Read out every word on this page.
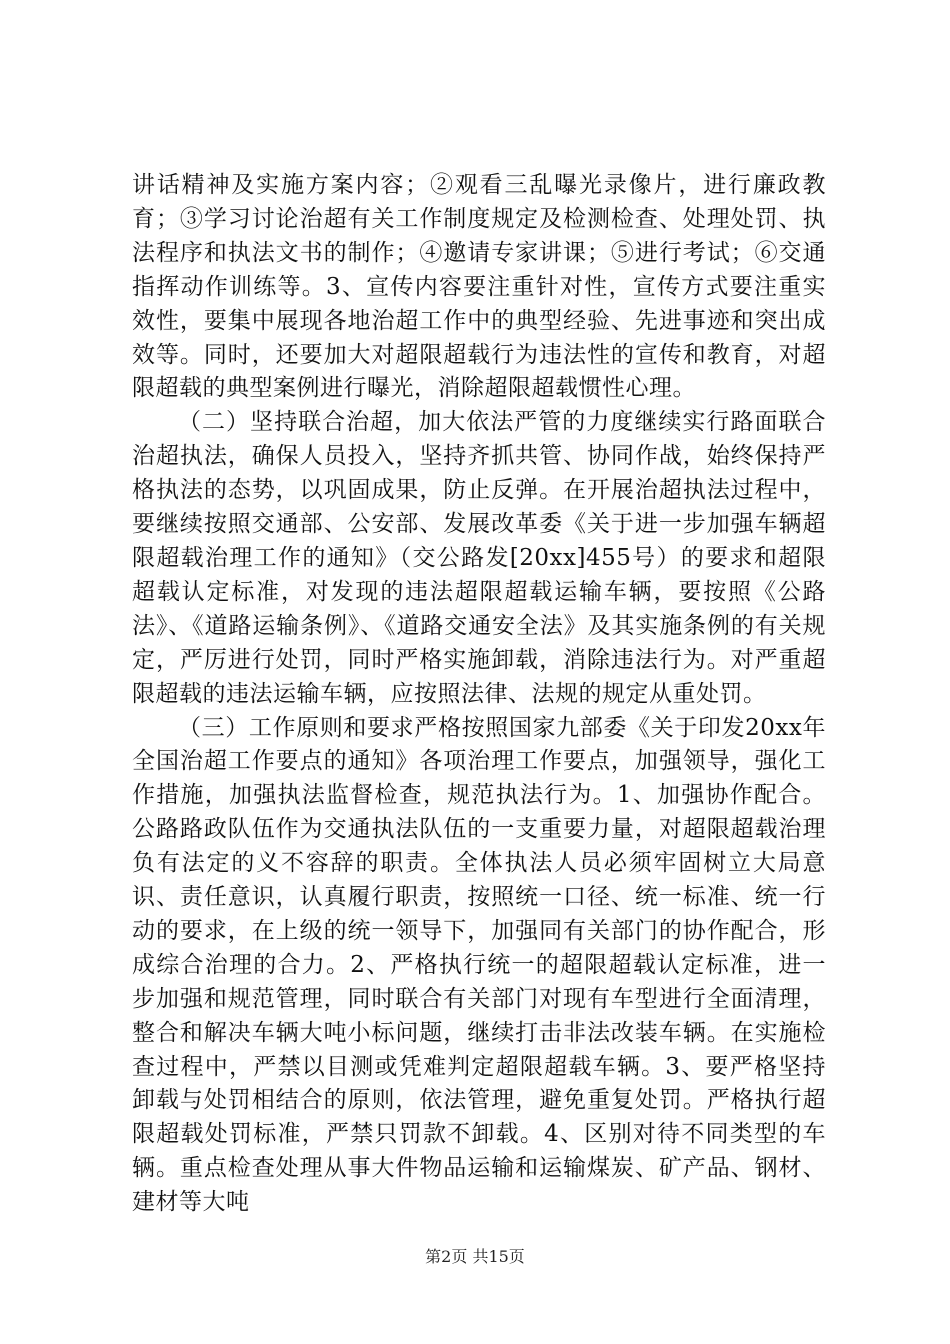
讲话精神及实施方案内容；②观看三乱曝光录像片，进行廉政教育；③学习讨论治超有关工作制度规定及检测检查、处理处罚、执法程序和执法文书的制作；④邀请专家讲课；⑤进行考试；⑥交通指挥动作训练等。3、宣传内容要注重针对性，宣传方式要注重实效性，要集中展现各地治超工作中的典型经验、先进事迹和突出成效等。同时，还要加大对超限超载行为违法性的宣传和教育，对超限超载的典型案例进行曝光，消除超限超载惯性心理。

（二）坚持联合治超，加大依法严管的力度继续实行路面联合治超执法，确保人员投入，坚持齐抓共管、协同作战，始终保持严格执法的态势，以巩固成果，防止反弹。在开展治超执法过程中，要继续按照交通部、公安部、发展改革委《关于进一步加强车辆超限超载治理工作的通知》（交公路发[20xx]455号）的要求和超限超载认定标准，对发现的违法超限超载运输车辆，要按照《公路法》、《道路运输条例》、《道路交通安全法》及其实施条例的有关规定，严厉进行处罚，同时严格实施卸载，消除违法行为。对严重超限超载的违法运输车辆，应按照法律、法规的规定从重处罚。

（三）工作原则和要求严格按照国家九部委《关于印发20xx年全国治超工作要点的通知》各项治理工作要点，加强领导，强化工作措施，加强执法监督检查，规范执法行为。1、加强协作配合。公路路政队伍作为交通执法队伍的一支重要力量，对超限超载治理负有法定的义不容辞的职责。全体执法人员必须牢固树立大局意识、责任意识，认真履行职责，按照统一口径、统一标准、统一行动的要求，在上级的统一领导下，加强同有关部门的协作配合，形成综合治理的合力。2、严格执行统一的超限超载认定标准，进一步加强和规范管理，同时联合有关部门对现有车型进行全面清理，整合和解决车辆大吨小标问题，继续打击非法改装车辆。在实施检查过程中，严禁以目测或凭难判定超限超载车辆。3、要严格坚持卸载与处罚相结合的原则，依法管理，避免重复处罚。严格执行超限超载处罚标准，严禁只罚款不卸载。4、区别对待不同类型的车辆。重点检查处理从事大件物品运输和运输煤炭、矿产品、钢材、建材等大吨

第2页 共15页
